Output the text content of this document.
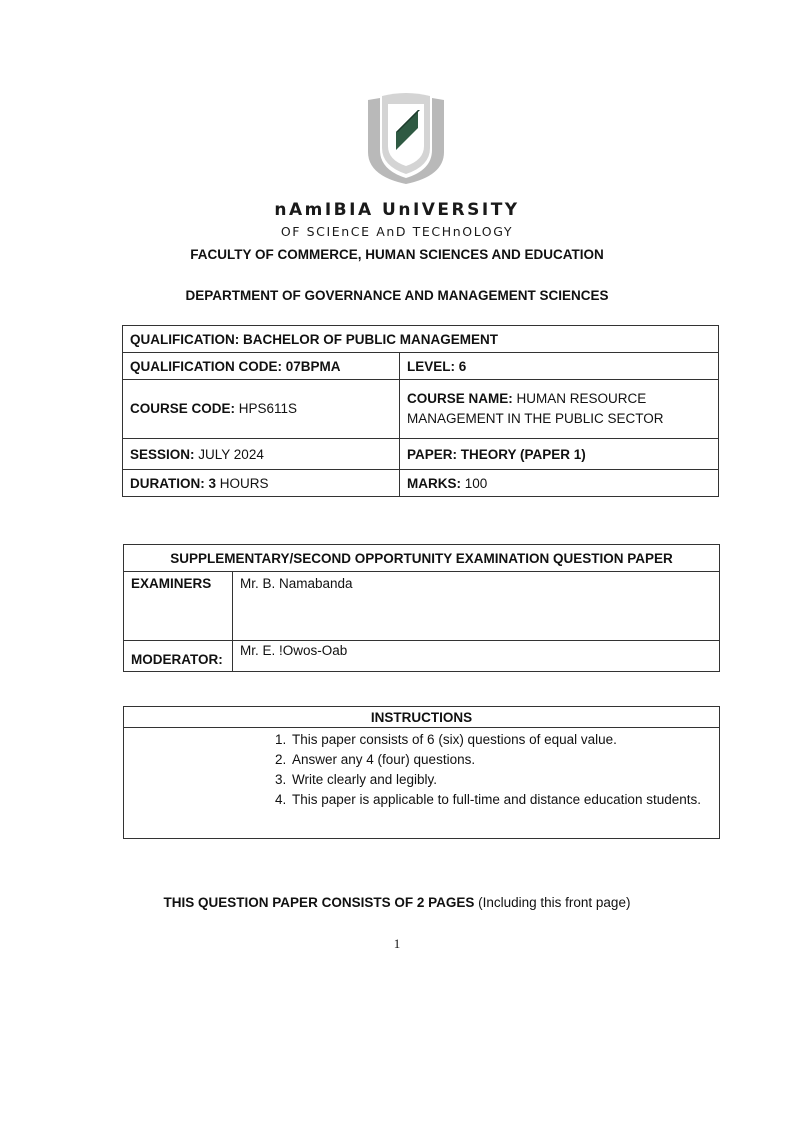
nAmIBIA UnIVERSITY
OF SCIEnCE AnD TECHnOLOGY
FACULTY OF COMMERCE, HUMAN SCIENCES AND EDUCATION
DEPARTMENT OF GOVERNANCE AND MANAGEMENT SCIENCES
QUALIFICATION: BACHELOR OF PUBLIC MANAGEMENT	
QUALIFICATION CODE: 07BPMA	LEVEL: 6
COURSE CODE: HPS611S	COURSE NAME: HUMAN RESOURCE MANAGEMENT IN THE PUBLIC SECTOR
SESSION: JULY 2024	PAPER: THEORY (PAPER 1)
DURATION: 3 HOURS	MARKS: 100
SUPPLEMENTARY/SECOND OPPORTUNITY EXAMINATION QUESTION PAPER	
EXAMINERS	Mr. B. Namabanda
MODERATOR:	Mr. E. !Owos-Oab
INSTRUCTIONS

1. This paper consists of 6 (six) questions of equal value.
2. Answer any 4 (four) questions.
3. Write clearly and legibly.
4. This paper is applicable to full-time and distance education students.
THIS QUESTION PAPER CONSISTS OF 2 PAGES (Including this front page)
1
